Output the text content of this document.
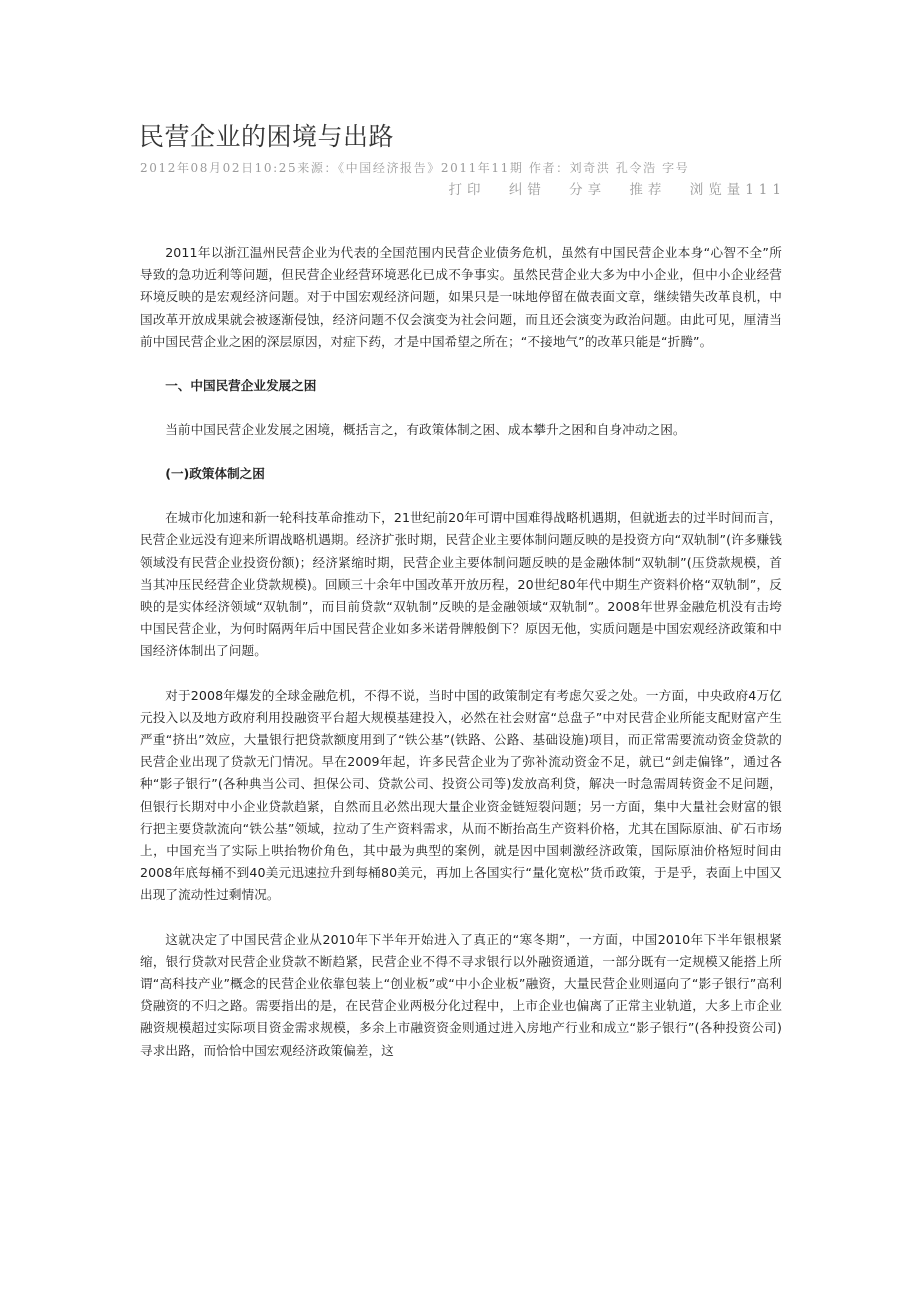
民营企业的困境与出路
2012年08月02日10:25来源：《中国经济报告》2011年11期 作者：刘奇洪 孔令浩 字号
打印 纠错 分享 推荐 浏览量111

2011年以浙江温州民营企业为代表的全国范围内民营企业债务危机，虽然有中国民营企业本身“心智不全”所导致的急功近利等问题，但民营企业经营环境恶化已成不争事实。虽然民营企业大多为中小企业，但中小企业经营环境反映的是宏观经济问题。对于中国宏观经济问题，如果只是一味地停留在做表面文章，继续错失改革良机，中国改革开放成果就会被逐渐侵蚀，经济问题不仅会演变为社会问题，而且还会演变为政治问题。由此可见，厘清当前中国民营企业之困的深层原因，对症下药，才是中国希望之所在；“不接地气”的改革只能是“折腾”。

一、中国民营企业发展之困

当前中国民营企业发展之困境，概括言之，有政策体制之困、成本攀升之困和自身冲动之困。

(一)政策体制之困

在城市化加速和新一轮科技革命推动下，21世纪前20年可谓中国难得战略机遇期，但就逝去的过半时间而言，民营企业远没有迎来所谓战略机遇期。经济扩张时期，民营企业主要体制问题反映的是投资方向“双轨制”(许多赚钱领域没有民营企业投资份额)；经济紧缩时期，民营企业主要体制问题反映的是金融体制“双轨制”(压贷款规模，首当其冲压民经营企业贷款规模)。回顾三十余年中国改革开放历程，20世纪80年代中期生产资料价格“双轨制”，反映的是实体经济领域“双轨制”，而目前贷款“双轨制”反映的是金融领域“双轨制”。2008年世界金融危机没有击垮中国民营企业，为何时隔两年后中国民营企业如多米诺骨牌般倒下？原因无他，实质问题是中国宏观经济政策和中国经济体制出了问题。

对于2008年爆发的全球金融危机，不得不说，当时中国的政策制定有考虑欠妥之处。一方面，中央政府4万亿元投入以及地方政府利用投融资平台超大规模基建投入，必然在社会财富“总盘子”中对民营企业所能支配财富产生严重“挤出”效应，大量银行把贷款额度用到了“铁公基”(铁路、公路、基础设施)项目，而正常需要流动资金贷款的民营企业出现了贷款无门情况。早在2009年起，许多民营企业为了弥补流动资金不足，就已“剑走偏锋”，通过各种“影子银行”(各种典当公司、担保公司、贷款公司、投资公司等)发放高利贷，解决一时急需周转资金不足问题，但银行长期对中小企业贷款趋紧，自然而且必然出现大量企业资金链短裂问题；另一方面，集中大量社会财富的银行把主要贷款流向“铁公基”领域，拉动了生产资料需求，从而不断抬高生产资料价格，尤其在国际原油、矿石市场上，中国充当了实际上哄抬物价角色，其中最为典型的案例，就是因中国刺激经济政策，国际原油价格短时间由2008年底每桶不到40美元迅速拉升到每桶80美元，再加上各国实行“量化宽松”货币政策，于是乎，表面上中国又出现了流动性过剩情况。

这就决定了中国民营企业从2010年下半年开始进入了真正的“寒冬期”，一方面，中国2010年下半年银根紧缩，银行贷款对民营企业贷款不断趋紧，民营企业不得不寻求银行以外融资通道，一部分既有一定规模又能搭上所谓“高科技产业”概念的民营企业依靠包装上“创业板”或“中小企业板”融资，大量民营企业则逼向了“影子银行”高利贷融资的不归之路。需要指出的是，在民营企业两极分化过程中，上市企业也偏离了正常主业轨道，大多上市企业融资规模超过实际项目资金需求规模，多余上市融资资金则通过进入房地产行业和成立“影子银行”(各种投资公司)寻求出路，而恰恰中国宏观经济政策偏差，这
